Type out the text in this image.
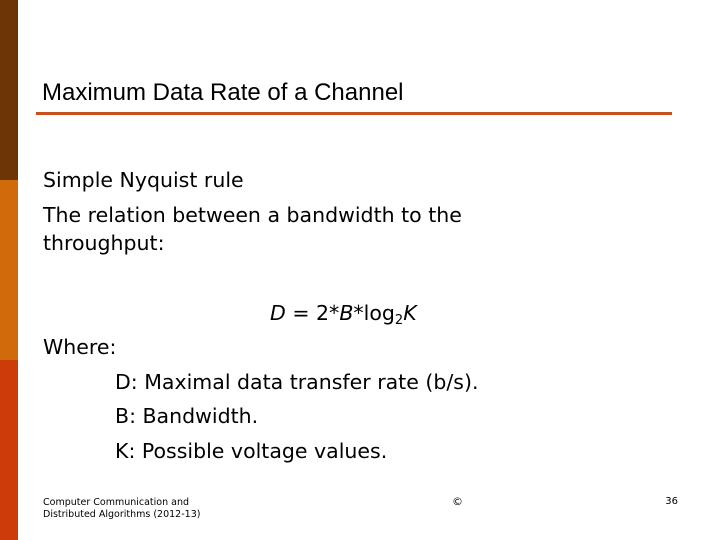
Maximum Data Rate of a Channel

Simple Nyquist rule

The relation between a bandwidth to the

throughput:

$D = 2*B*\log_2K$

Where:

D: Maximal data transfer rate (b/s).

B: Bandwidth.

K: Possible voltage values.

Computer Communication and Distributed Algorithms (2012-13)
©	36
